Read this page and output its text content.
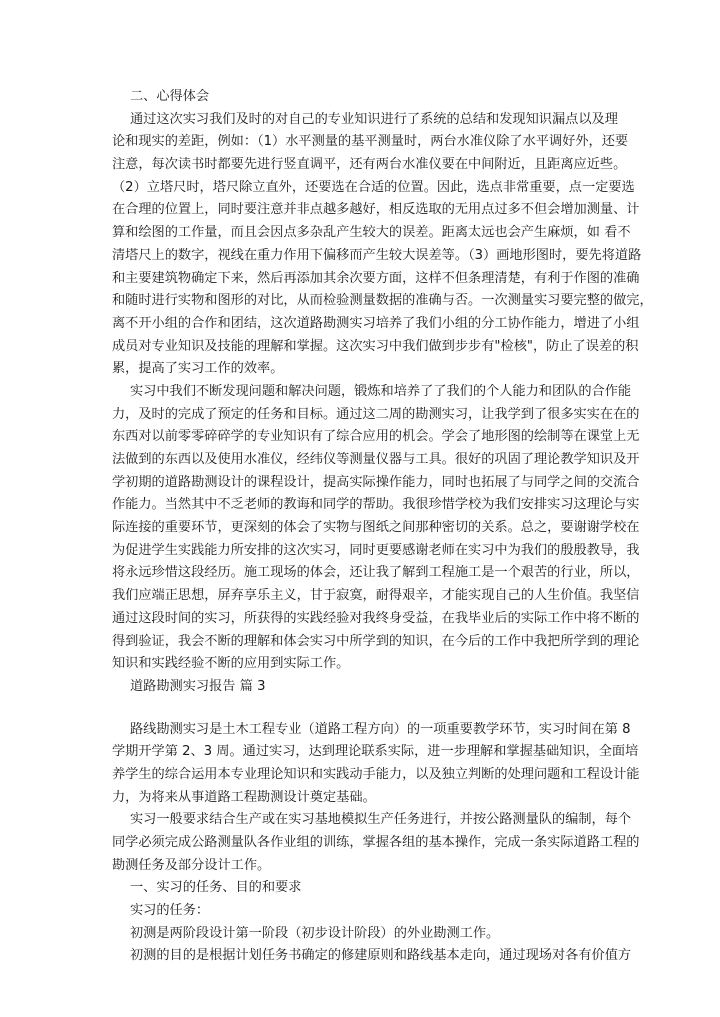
二、心得体会
通过这次实习我们及时的对自己的专业知识进行了系统的总结和发现知识漏点以及理
论和现实的差距，例如：（1）水平测量的基平测量时，两台水准仪除了水平调好外，还要
注意，每次读书时都要先进行竖直调平，还有两台水准仪要在中间附近，且距离应近些。
（2）立塔尺时，塔尺除立直外，还要选在合适的位置。因此，选点非常重要，点一定要选
在合理的位置上，同时要注意并非点越多越好，相反选取的无用点过多不但会增加测量、计
算和绘图的工作量，而且会因点多杂乱产生较大的误差。距离太远也会产生麻烦，如 看不
清塔尺上的数字，视线在重力作用下偏移而产生较大误差等。（3）画地形图时，要先将道路
和主要建筑物确定下来，然后再添加其余次要方面，这样不但条理清楚，有利于作图的准确
和随时进行实物和图形的对比，从而检验测量数据的准确与否。一次测量实习要完整的做完，
离不开小组的合作和团结，这次道路勘测实习培养了我们小组的分工协作能力，增进了小组
成员对专业知识及技能的理解和掌握。这次实习中我们做到步步有"检核"，防止了误差的积
累，提高了实习工作的效率。
实习中我们不断发现问题和解决问题，锻炼和培养了了我们的个人能力和团队的合作能
力，及时的完成了预定的任务和目标。通过这二周的勘测实习，让我学到了很多实实在在的
东西对以前零零碎碎学的专业知识有了综合应用的机会。学会了地形图的绘制等在课堂上无
法做到的东西以及使用水准仪，经纬仪等测量仪器与工具。很好的巩固了理论教学知识及开
学初期的道路勘测设计的课程设计，提高实际操作能力，同时也拓展了与同学之间的交流合
作能力。当然其中不乏老师的教诲和同学的帮助。我很珍惜学校为我们安排实习这理论与实
际连接的重要环节，更深刻的体会了实物与图纸之间那种密切的关系。总之，要谢谢学校在
为促进学生实践能力所安排的这次实习，同时更要感谢老师在实习中为我们的殷殷教导，我
将永远珍惜这段经历。施工现场的体会，还让我了解到工程施工是一个艰苦的行业，所以，
我们应端正思想，屏弃享乐主义，甘于寂寞，耐得艰辛，才能实现自己的人生价值。我坚信
通过这段时间的实习，所获得的实践经验对我终身受益，在我毕业后的实际工作中将不断的
得到验证，我会不断的理解和体会实习中所学到的知识，在今后的工作中我把所学到的理论
知识和实践经验不断的应用到实际工作。
道路勘测实习报告 篇 3
路线勘测实习是土木工程专业（道路工程方向）的一项重要教学环节，实习时间在第 8
学期开学第 2、3 周。通过实习，达到理论联系实际，进一步理解和掌握基础知识，全面培
养学生的综合运用本专业理论知识和实践动手能力，以及独立判断的处理问题和工程设计能
力，为将来从事道路工程勘测设计奠定基础。
实习一般要求结合生产或在实习基地模拟生产任务进行，并按公路测量队的编制，每个
同学必须完成公路测量队各作业组的训练，掌握各组的基本操作，完成一条实际道路工程的
勘测任务及部分设计工作。
一、实习的任务、目的和要求
实习的任务：
初测是两阶段设计第一阶段（初步设计阶段）的外业勘测工作。
初测的目的是根据计划任务书确定的修建原则和路线基本走向，通过现场对各有价值方
